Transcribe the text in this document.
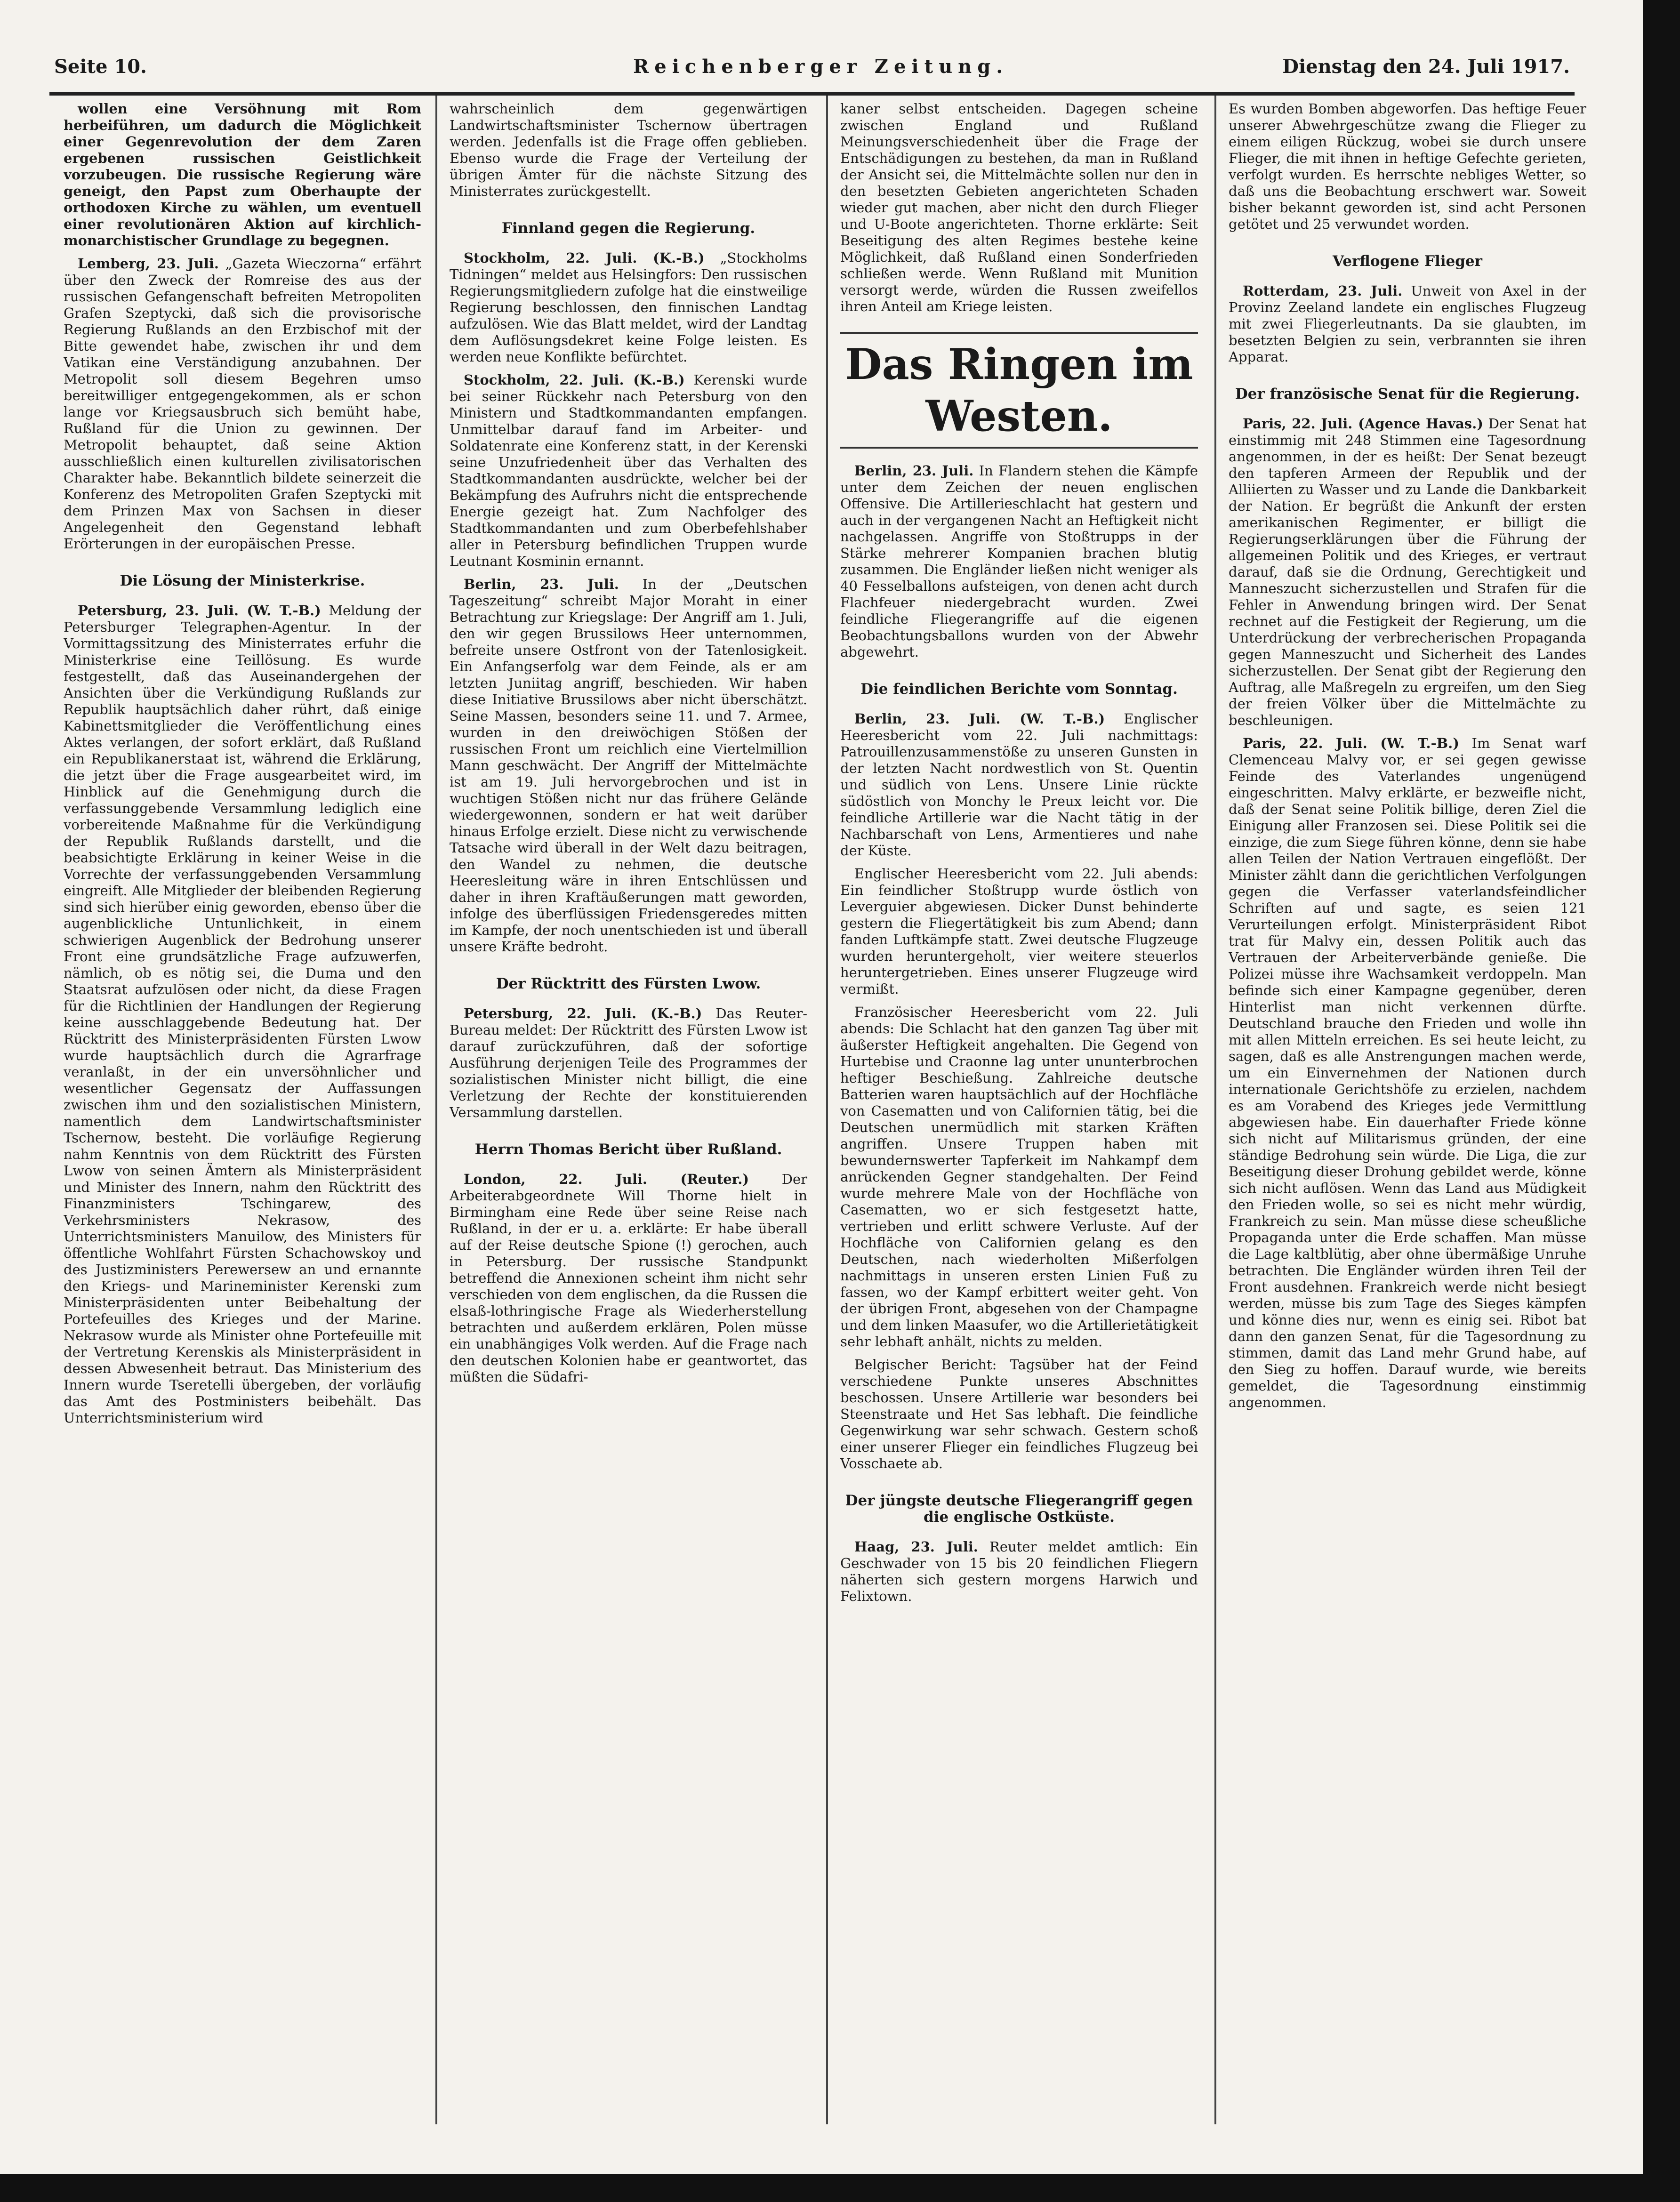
Seite 10.	Reichenberger Zeitung.	Dienstag den 24. Juli 1917.

wollen eine Versöhnung mit Rom herbeiführen, um dadurch die Möglichkeit einer Gegenrevolution der dem Zaren ergebenen russischen Geistlichkeit vorzubeugen. Die russische Regierung wäre geneigt, den Papst zum Oberhaupte der orthodoxen Kirche zu wählen, um eventuell einer revolutionären Aktion auf kirchlich-monarchistischer Grundlage zu begegnen.

Lemberg, 23. Juli. „Gazeta Wieczorna“ erfährt über den Zweck der Romreise des aus der russischen Gefangenschaft befreiten Metropoliten Grafen Szeptycki, daß sich die provisorische Regierung Rußlands an den Erzbischof mit der Bitte gewendet habe, zwischen ihr und dem Vatikan eine Verständigung anzubahnen. Der Metropolit soll diesem Begehren umso bereitwilliger entgegengekommen, als er schon lange vor Kriegsausbruch sich bemüht habe, Rußland für die Union zu gewinnen. Der Metropolit behauptet, daß seine Aktion ausschließlich einen kulturellen zivilisatorischen Charakter habe. Bekanntlich bildete seinerzeit die Konferenz des Metropoliten Grafen Szeptycki mit dem Prinzen Max von Sachsen in dieser Angelegenheit den Gegenstand lebhaft Erörterungen in der europäischen Presse.

Die Lösung der Ministerkrise.

Petersburg, 23. Juli. (W. T.-B.) Meldung der Petersburger Telegraphen-Agentur. In der Vormittagssitzung des Ministerrates erfuhr die Ministerkrise eine Teillösung. Es wurde festgestellt, daß das Auseinandergehen der Ansichten über die Verkündigung Rußlands zur Republik hauptsächlich daher rührt, daß einige Kabinettsmitglieder die Veröffentlichung eines Aktes verlangen, der sofort erklärt, daß Rußland ein Republikanerstaat ist, während die Erklärung, die jetzt über die Frage ausgearbeitet wird, im Hinblick auf die Genehmigung durch die verfassunggebende Versammlung lediglich eine vorbereitende Maßnahme für die Verkündigung der Republik Rußlands darstellt, und die beabsichtigte Erklärung in keiner Weise in die Vorrechte der verfassunggebenden Versammlung eingreift. Alle Mitglieder der bleibenden Regierung sind sich hierüber einig geworden, ebenso über die augenblickliche Untunlichkeit, in einem schwierigen Augenblick der Bedrohung unserer Front eine grundsätzliche Frage aufzuwerfen, nämlich, ob es nötig sei, die Duma und den Staatsrat aufzulösen oder nicht, da diese Fragen für die Richtlinien der Handlungen der Regierung keine ausschlaggebende Bedeutung hat. Der Rücktritt des Ministerpräsidenten Fürsten Lwow wurde hauptsächlich durch die Agrarfrage veranlaßt, in der ein unversöhnlicher und wesentlicher Gegensatz der Auffassungen zwischen ihm und den sozialistischen Ministern, namentlich dem Landwirtschaftsminister Tschernow, besteht. Die vorläufige Regierung nahm Kenntnis von dem Rücktritt des Fürsten Lwow von seinen Ämtern als Ministerpräsident und Minister des Innern, nahm den Rücktritt des Finanzministers Tschingarew, des Verkehrsministers Nekrasow, des Unterrichtsministers Manuilow, des Ministers für öffentliche Wohlfahrt Fürsten Schachowskoy und des Justizministers Perewersew an und ernannte den Kriegs- und Marineminister Kerenski zum Ministerpräsidenten unter Beibehaltung der Portefeuilles des Krieges und der Marine. Nekrasow wurde als Minister ohne Portefeuille mit der Vertretung Kerenskis als Ministerpräsident in dessen Abwesenheit betraut. Das Ministerium des Innern wurde Tseretelli übergeben, der vorläufig das Amt des Postministers beibehält. Das Unterrichtsministerium wird

wahrscheinlich dem gegenwärtigen Landwirtschaftsminister Tschernow übertragen werden. Jedenfalls ist die Frage offen geblieben. Ebenso wurde die Frage der Verteilung der übrigen Ämter für die nächste Sitzung des Ministerrates zurückgestellt.

Finnland gegen die Regierung.

Stockholm, 22. Juli. (K.-B.) „Stockholms Tidningen“ meldet aus Helsingfors: Den russischen Regierungsmitgliedern zufolge hat die einstweilige Regierung beschlossen, den finnischen Landtag aufzulösen. Wie das Blatt meldet, wird der Landtag dem Auflösungsdekret keine Folge leisten. Es werden neue Konflikte befürchtet.

Stockholm, 22. Juli. (K.-B.) Kerenski wurde bei seiner Rückkehr nach Petersburg von den Ministern und Stadtkommandanten empfangen. Unmittelbar darauf fand im Arbeiter- und Soldatenrate eine Konferenz statt, in der Kerenski seine Unzufriedenheit über das Verhalten des Stadtkommandanten ausdrückte, welcher bei der Bekämpfung des Aufruhrs nicht die entsprechende Energie gezeigt hat. Zum Nachfolger des Stadtkommandanten und zum Oberbefehlshaber aller in Petersburg befindlichen Truppen wurde Leutnant Kosminin ernannt.

Berlin, 23. Juli. In der „Deutschen Tageszeitung“ schreibt Major Moraht in einer Betrachtung zur Kriegslage: Der Angriff am 1. Juli, den wir gegen Brussilows Heer unternommen, befreite unsere Ostfront von der Tatenlosigkeit. Ein Anfangserfolg war dem Feinde, als er am letzten Juniitag angriff, beschieden. Wir haben diese Initiative Brussilows aber nicht überschätzt. Seine Massen, besonders seine 11. und 7. Armee, wurden in den dreiwöchigen Stößen der russischen Front um reichlich eine Viertelmillion Mann geschwächt. Der Angriff der Mittelmächte ist am 19. Juli hervorgebrochen und ist in wuchtigen Stößen nicht nur das frühere Gelände wiedergewonnen, sondern er hat weit darüber hinaus Erfolge erzielt. Diese nicht zu verwischende Tatsache wird überall in der Welt dazu beitragen, den Wandel zu nehmen, die deutsche Heeresleitung wäre in ihren Entschlüssen und daher in ihren Kraftäußerungen matt geworden, infolge des überflüssigen Friedensgeredes mitten im Kampfe, der noch unentschieden ist und überall unsere Kräfte bedroht.

Der Rücktritt des Fürsten Lwow.

Petersburg, 22. Juli. (K.-B.) Das Reuter-Bureau meldet: Der Rücktritt des Fürsten Lwow ist darauf zurückzuführen, daß der sofortige Ausführung derjenigen Teile des Programmes der sozialistischen Minister nicht billigt, die eine Verletzung der Rechte der konstituierenden Versammlung darstellen.

Herrn Thomas Bericht über Rußland.

London, 22. Juli. (Reuter.) Der Arbeiterabgeordnete Will Thorne hielt in Birmingham eine Rede über seine Reise nach Rußland, in der er u. a. erklärte: Er habe überall auf der Reise deutsche Spione (!) gerochen, auch in Petersburg. Der russische Standpunkt betreffend die Annexionen scheint ihm nicht sehr verschieden von dem englischen, da die Russen die elsaß-lothringische Frage als Wiederherstellung betrachten und außerdem erklären, Polen müsse ein unabhängiges Volk werden. Auf die Frage nach den deutschen Kolonien habe er geantwortet, das müßten die Südafri-

kaner selbst entscheiden. Dagegen scheine zwischen England und Rußland Meinungsverschiedenheit über die Frage der Entschädigungen zu bestehen, da man in Rußland der Ansicht sei, die Mittelmächte sollen nur den in den besetzten Gebieten angerichteten Schaden wieder gut machen, aber nicht den durch Flieger und U-Boote angerichteten. Thorne erklärte: Seit Beseitigung des alten Regimes bestehe keine Möglichkeit, daß Rußland einen Sonderfrieden schließen werde. Wenn Rußland mit Munition versorgt werde, würden die Russen zweifellos ihren Anteil am Kriege leisten.

Das Ringen im Westen.

Berlin, 23. Juli. In Flandern stehen die Kämpfe unter dem Zeichen der neuen englischen Offensive. Die Artillerieschlacht hat gestern und auch in der vergangenen Nacht an Heftigkeit nicht nachgelassen. Angriffe von Stoßtrupps in der Stärke mehrerer Kompanien brachen blutig zusammen. Die Engländer ließen nicht weniger als 40 Fesselballons aufsteigen, von denen acht durch Flachfeuer niedergebracht wurden. Zwei feindliche Fliegerangriffe auf die eigenen Beobachtungsballons wurden von der Abwehr abgewehrt.

Die feindlichen Berichte vom Sonntag.

Berlin, 23. Juli. (W. T.-B.) Englischer Heeresbericht vom 22. Juli nachmittags: Patrouillenzusammenstöße zu unseren Gunsten in der letzten Nacht nordwestlich von St. Quentin und südlich von Lens. Unsere Linie rückte südöstlich von Monchy le Preux leicht vor. Die feindliche Artillerie war die Nacht tätig in der Nachbarschaft von Lens, Armentieres und nahe der Küste.

Englischer Heeresbericht vom 22. Juli abends: Ein feindlicher Stoßtrupp wurde östlich von Leverguier abgewiesen. Dicker Dunst behinderte gestern die Fliegertätigkeit bis zum Abend; dann fanden Luftkämpfe statt. Zwei deutsche Flugzeuge wurden heruntergeholt, vier weitere steuerlos heruntergetrieben. Eines unserer Flugzeuge wird vermißt.

Französischer Heeresbericht vom 22. Juli abends: Die Schlacht hat den ganzen Tag über mit äußerster Heftigkeit angehalten. Die Gegend von Hurtebise und Craonne lag unter ununterbrochen heftiger Beschießung. Zahlreiche deutsche Batterien waren hauptsächlich auf der Hochfläche von Casematten und von Californien tätig, bei die Deutschen unermüdlich mit starken Kräften angriffen. Unsere Truppen haben mit bewundernswerter Tapferkeit im Nahkampf dem anrückenden Gegner standgehalten. Der Feind wurde mehrere Male von der Hochfläche von Casematten, wo er sich festgesetzt hatte, vertrieben und erlitt schwere Verluste. Auf der Hochfläche von Californien gelang es den Deutschen, nach wiederholten Mißerfolgen nachmittags in unseren ersten Linien Fuß zu fassen, wo der Kampf erbittert weiter geht. Von der übrigen Front, abgesehen von der Champagne und dem linken Maasufer, wo die Artillerietätigkeit sehr lebhaft anhält, nichts zu melden.

Belgischer Bericht: Tagsüber hat der Feind verschiedene Punkte unseres Abschnittes beschossen. Unsere Artillerie war besonders bei Steenstraate und Het Sas lebhaft. Die feindliche Gegenwirkung war sehr schwach. Gestern schoß einer unserer Flieger ein feindliches Flugzeug bei Vosschaete ab.

Der jüngste deutsche Fliegerangriff gegen die englische Ostküste.

Haag, 23. Juli. Reuter meldet amtlich: Ein Geschwader von 15 bis 20 feindlichen Fliegern näherten sich gestern morgens Harwich und Felixtown.

Es wurden Bomben abgeworfen. Das heftige Feuer unserer Abwehrgeschütze zwang die Flieger zu einem eiligen Rückzug, wobei sie durch unsere Flieger, die mit ihnen in heftige Gefechte gerieten, verfolgt wurden. Es herrschte nebliges Wetter, so daß uns die Beobachtung erschwert war. Soweit bisher bekannt geworden ist, sind acht Personen getötet und 25 verwundet worden.

Verflogene Flieger

Rotterdam, 23. Juli. Unweit von Axel in der Provinz Zeeland landete ein englisches Flugzeug mit zwei Fliegerleutnants. Da sie glaubten, im besetzten Belgien zu sein, verbrannten sie ihren Apparat.

Der französische Senat für die Regierung.

Paris, 22. Juli. (Agence Havas.) Der Senat hat einstimmig mit 248 Stimmen eine Tagesordnung angenommen, in der es heißt: Der Senat bezeugt den tapferen Armeen der Republik und der Alliierten zu Wasser und zu Lande die Dankbarkeit der Nation. Er begrüßt die Ankunft der ersten amerikanischen Regimenter, er billigt die Regierungserklärungen über die Führung der allgemeinen Politik und des Krieges, er vertraut darauf, daß sie die Ordnung, Gerechtigkeit und Manneszucht sicherzustellen und Strafen für die Fehler in Anwendung bringen wird. Der Senat rechnet auf die Festigkeit der Regierung, um die Unterdrückung der verbrecherischen Propaganda gegen Manneszucht und Sicherheit des Landes sicherzustellen. Der Senat gibt der Regierung den Auftrag, alle Maßregeln zu ergreifen, um den Sieg der freien Völker über die Mittelmächte zu beschleunigen.

Paris, 22. Juli. (W. T.-B.) Im Senat warf Clemenceau Malvy vor, er sei gegen gewisse Feinde des Vaterlandes ungenügend eingeschritten. Malvy erklärte, er bezweifle nicht, daß der Senat seine Politik billige, deren Ziel die Einigung aller Franzosen sei. Diese Politik sei die einzige, die zum Siege führen könne, denn sie habe allen Teilen der Nation Vertrauen eingeflößt. Der Minister zählt dann die gerichtlichen Verfolgungen gegen die Verfasser vaterlandsfeindlicher Schriften auf und sagte, es seien 121 Verurteilungen erfolgt. Ministerpräsident Ribot trat für Malvy ein, dessen Politik auch das Vertrauen der Arbeiterverbände genieße. Die Polizei müsse ihre Wachsamkeit verdoppeln. Man befinde sich einer Kampagne gegenüber, deren Hinterlist man nicht verkennen dürfte. Deutschland brauche den Frieden und wolle ihn mit allen Mitteln erreichen. Es sei heute leicht, zu sagen, daß es alle Anstrengungen machen werde, um ein Einvernehmen der Nationen durch internationale Gerichtshöfe zu erzielen, nachdem es am Vorabend des Krieges jede Vermittlung abgewiesen habe. Ein dauerhafter Friede könne sich nicht auf Militarismus gründen, der eine ständige Bedrohung sein würde. Die Liga, die zur Beseitigung dieser Drohung gebildet werde, könne sich nicht auflösen. Wenn das Land aus Müdigkeit den Frieden wolle, so sei es nicht mehr würdig, Frankreich zu sein. Man müsse diese scheußliche Propaganda unter die Erde schaffen. Man müsse die Lage kaltblütig, aber ohne übermäßige Unruhe betrachten. Die Engländer würden ihren Teil der Front ausdehnen. Frankreich werde nicht besiegt werden, müsse bis zum Tage des Sieges kämpfen und könne dies nur, wenn es einig sei. Ribot bat dann den ganzen Senat, für die Tagesordnung zu stimmen, damit das Land mehr Grund habe, auf den Sieg zu hoffen. Darauf wurde, wie bereits gemeldet, die Tagesordnung einstimmig angenommen.
